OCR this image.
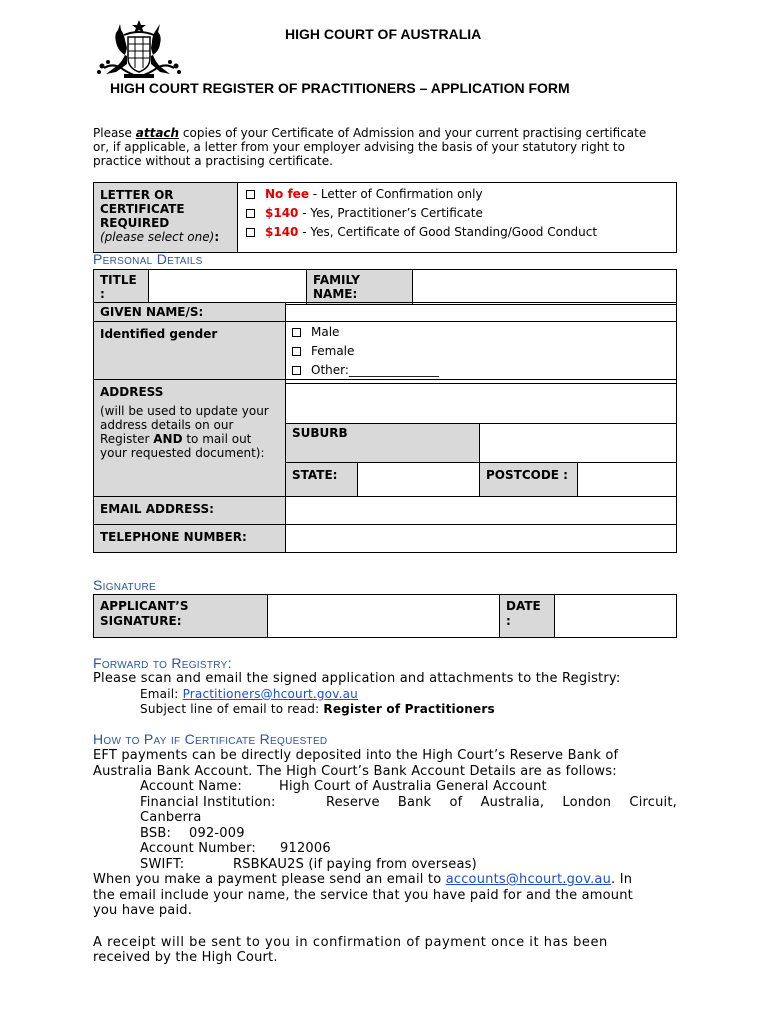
HIGH COURT OF AUSTRALIA
HIGH COURT REGISTER OF PRACTITIONERS – APPLICATION FORM
Please attach copies of your Certificate of Admission and your current practising certificate or, if applicable, a letter from your employer advising the basis of your statutory right to practice without a practising certificate.
LETTER OR CERTIFICATE REQUIRED
(please select one):	
No fee - Letter of Confirmation only
$140 - Yes, Practitioner’s Certificate
$140 - Yes, Certificate of Good Standing/Good Conduct
Personal Details
TITLE :		FAMILY NAME:	
GIVEN NAME/S:	
Identified gender	Male
Female
Other:_______________
ADDRESS

(will be used to update your address details on our Register AND to mail out your requested document):				

	SUBURB			
	STATE:		POSTCODE :	
EMAIL ADDRESS:				
TELEPHONE NUMBER:				
Signature
APPLICANT’S SIGNATURE:		DATE :	
Forward to Registry:
Please scan and email the signed application and attachments to the Registry:
Email: Practitioners@hcourt.gov.au
Subject line of email to read: Register of Practitioners
How to Pay if Certificate Requested
EFT payments can be directly deposited into the High Court’s Reserve Bank of
Australia Bank Account. The High Court’s Bank Account Details are as follows:
Account Name:	High Court of Australia General Account
Financial Institution:	Reserve Bank of Australia, London Circuit,
Canberra
BSB: 092-009
Account Number: 912006
SWIFT:	RSBKAU2S (if paying from overseas)
When you make a payment please send an email to accounts@hcourt.gov.au. In
the email include your name, the service that you have paid for and the amount
you have paid.
A receipt will be sent to you in confirmation of payment once it has been
received by the High Court.
